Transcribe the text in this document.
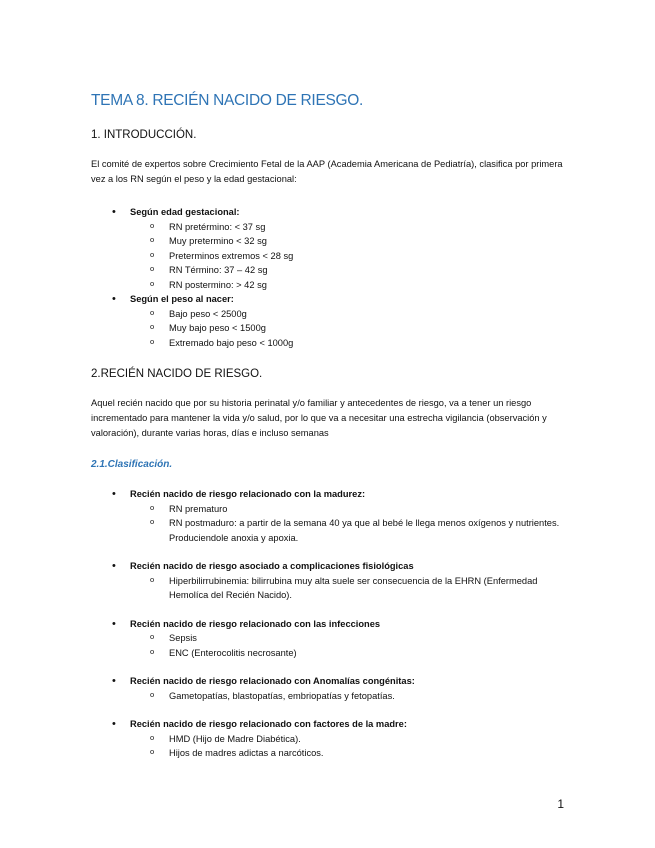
TEMA 8. RECIÉN NACIDO DE RIESGO.
1. INTRODUCCIÓN.

El comité de expertos sobre Crecimiento Fetal de la AAP (Academia Americana de Pediatría), clasifica por primera vez a los RN según el peso y la edad gestacional:

• Según edad gestacional:
o RN pretérmino: < 37 sg
o Muy pretermino < 32 sg
o Preterminos extremos < 28 sg
o RN Término: 37 – 42 sg
o RN postermino: > 42 sg
• Según el peso al nacer:
o Bajo peso < 2500g
o Muy bajo peso < 1500g
o Extremado bajo peso < 1000g
2.RECIÉN NACIDO DE RIESGO.

Aquel recién nacido que por su historia perinatal y/o familiar y antecedentes de riesgo, va a tener un riesgo incrementado para mantener la vida y/o salud, por lo que va a necesitar una estrecha vigilancia (observación y valoración), durante varias horas, días e incluso semanas

2.1.Clasificación.
• Recién nacido de riesgo relacionado con la madurez:
o RN prematuro
o RN postmaduro: a partir de la semana 40 ya que al bebé le llega menos oxígenos y nutrientes. Produciendole anoxia y apoxia.
• Recién nacido de riesgo asociado a complicaciones fisiológicas
o Hiperbilirrubinemia: bilirrubina muy alta suele ser consecuencia de la EHRN (Enfermedad Hemolíca del Recién Nacido).
• Recién nacido de riesgo relacionado con las infecciones
o Sepsis
o ENC (Enterocolitis necrosante)
• Recién nacido de riesgo relacionado con Anomalías congénitas:
o Gametopatías, blastopatías, embriopatías y fetopatías.
• Recién nacido de riesgo relacionado con factores de la madre:
o HMD (Hijo de Madre Diabética).
o Hijos de madres adictas a narcóticos.
1
